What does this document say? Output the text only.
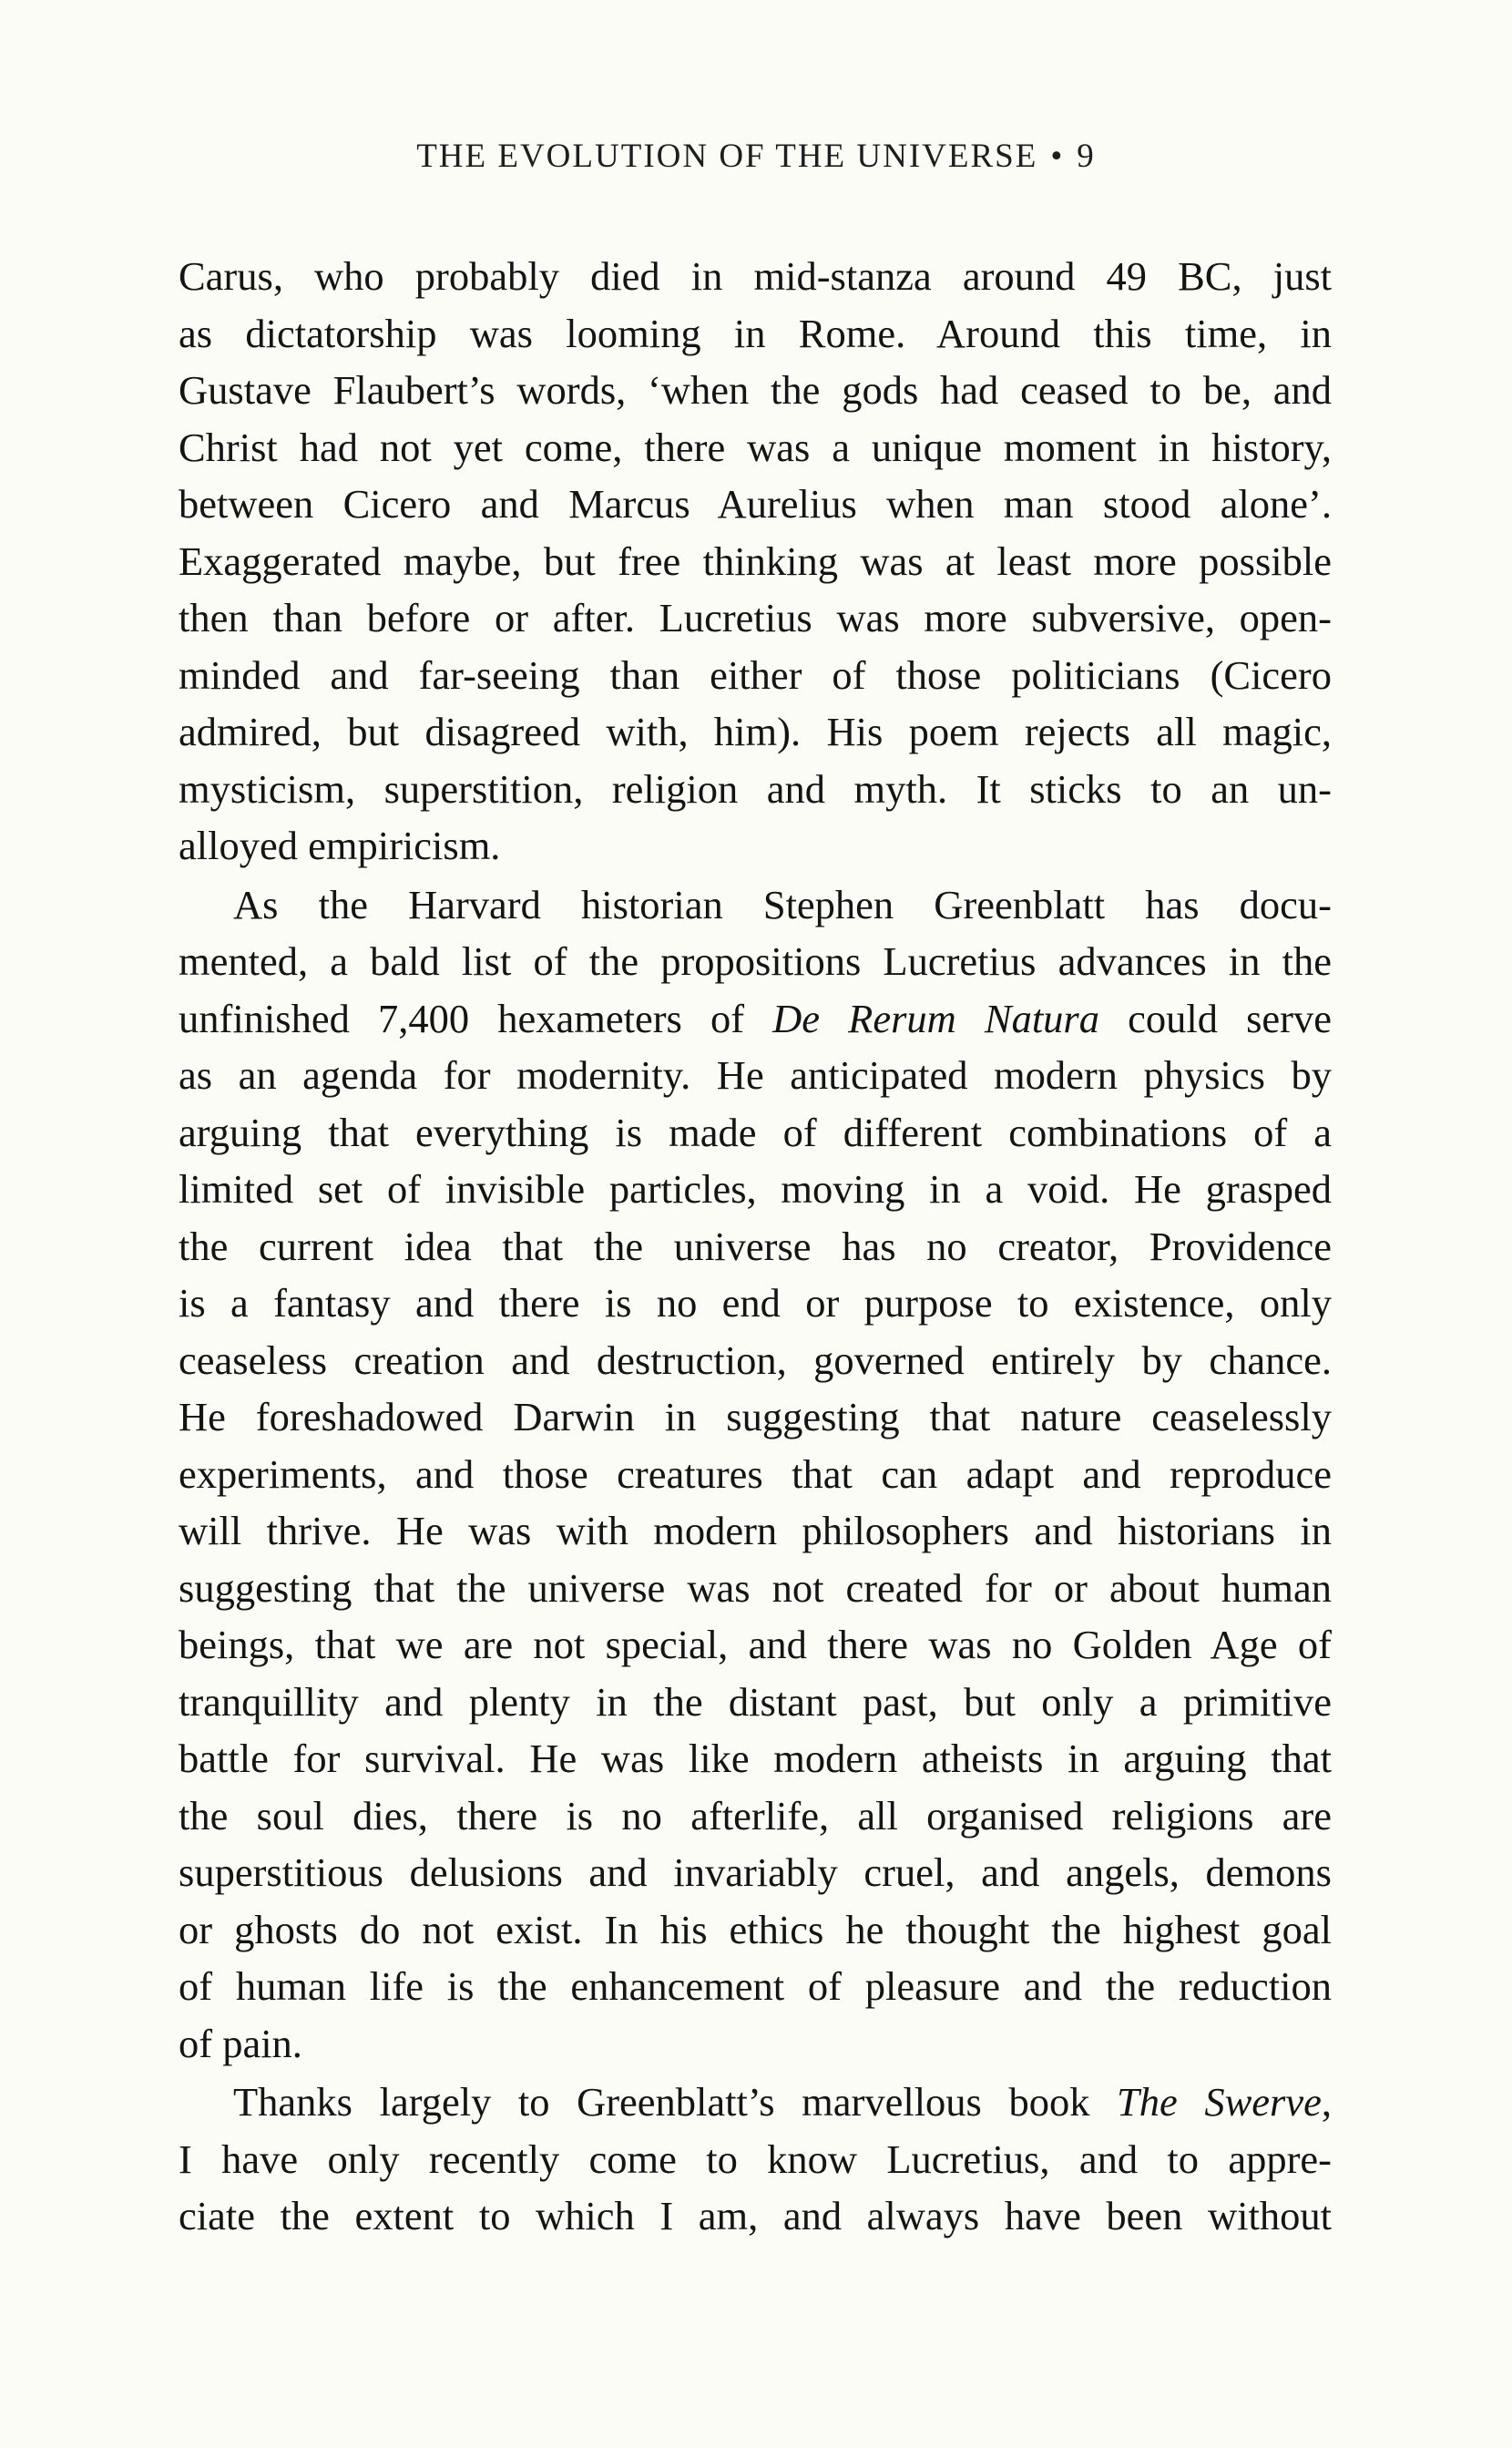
THE EVOLUTION OF THE UNIVERSE • 9
Carus, who probably died in mid-stanza around 49 BC, just
as dictatorship was looming in Rome. Around this time, in
Gustave Flaubert’s words, ‘when the gods had ceased to be, and
Christ had not yet come, there was a unique moment in history,
between Cicero and Marcus Aurelius when man stood alone’.
Exaggerated maybe, but free thinking was at least more possible
then than before or after. Lucretius was more subversive, open-
minded and far-seeing than either of those politicians (Cicero
admired, but disagreed with, him). His poem rejects all magic,
mysticism, superstition, religion and myth. It sticks to an un-
alloyed empiricism.
As the Harvard historian Stephen Greenblatt has docu-
mented, a bald list of the propositions Lucretius advances in the
unfinished 7,400 hexameters of De Rerum Natura could serve
as an agenda for modernity. He anticipated modern physics by
arguing that everything is made of different combinations of a
limited set of invisible particles, moving in a void. He grasped
the current idea that the universe has no creator, Providence
is a fantasy and there is no end or purpose to existence, only
ceaseless creation and destruction, governed entirely by chance.
He foreshadowed Darwin in suggesting that nature ceaselessly
experiments, and those creatures that can adapt and reproduce
will thrive. He was with modern philosophers and historians in
suggesting that the universe was not created for or about human
beings, that we are not special, and there was no Golden Age of
tranquillity and plenty in the distant past, but only a primitive
battle for survival. He was like modern atheists in arguing that
the soul dies, there is no afterlife, all organised religions are
superstitious delusions and invariably cruel, and angels, demons
or ghosts do not exist. In his ethics he thought the highest goal
of human life is the enhancement of pleasure and the reduction
of pain.
Thanks largely to Greenblatt’s marvellous book The Swerve,
I have only recently come to know Lucretius, and to appre-
ciate the extent to which I am, and always have been without
